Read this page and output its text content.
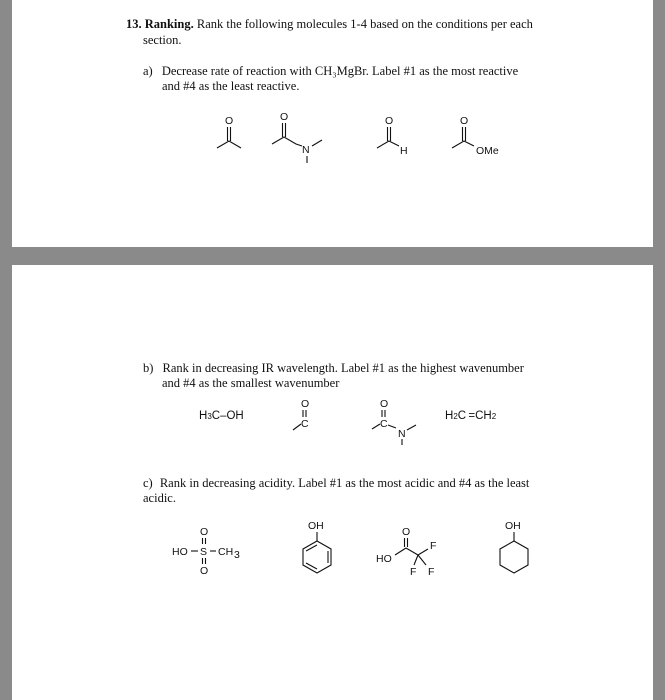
13. Ranking. Rank the following molecules 1-4 based on the conditions per each
section.
a) Decrease rate of reaction with CH₃MgBr. Label #1 as the most reactive
and #4 as the least reactive.
O	O
N
O
H
O
OMe
b) Rank in decreasing IR wavelength. Label #1 as the highest wavenumber
and #4 as the smallest wavenumber
H3C–OH
O
C
O
C
N
H2C =CH2
c) Rank in decreasing acidity. Label #1 as the most acidic and #4 as the least
acidic.
O
HO S CH 3
O
OH	O
HO
F
F F
OH
